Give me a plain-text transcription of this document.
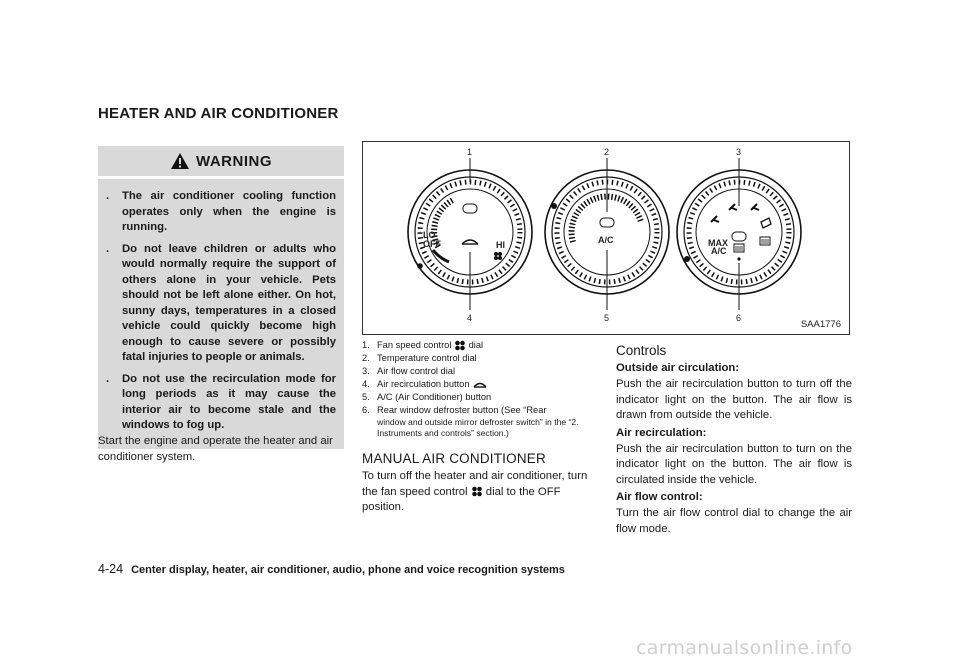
HEATER AND AIR CONDITIONER
WARNING
. The air conditioner cooling function operates only when the engine is running.
. Do not leave children or adults who would normally require the support of others alone in your vehicle. Pets should not be left alone either. On hot, sunny days, temperatures in a closed vehicle could quickly become high enough to cause severe or possibly fatal injuries to people or animals.
. Do not use the recirculation mode for long periods as it may cause the interior air to become stale and the windows to fog up.

Start the engine and operate the heater and air conditioner system.

LO
OFF	HI	A/C	MAX
A/C
1	2	3
4	5	6
SAA1776
1. Fan speed control dial
2. Temperature control dial
3. Air flow control dial
4. Air recirculation button
5. A/C (Air Conditioner) button
6. Rear window defroster button (See “Rear
window and outside mirror defroster switch” in the “2. Instruments and controls” section.)
MANUAL AIR CONDITIONER

To turn off the heater and air conditioner, turn the fan speed control dial to the OFF position.

Controls
Outside air circulation:

Push the air recirculation button to turn off the indicator light on the button. The air flow is drawn from outside the vehicle.

Air recirculation:

Push the air recirculation button to turn on the indicator light on the button. The air flow is circulated inside the vehicle.

Air flow control:

Turn the air flow control dial to change the air flow mode.

4-24 Center display, heater, air conditioner, audio, phone and voice recognition systems
carmanualsonline.info
